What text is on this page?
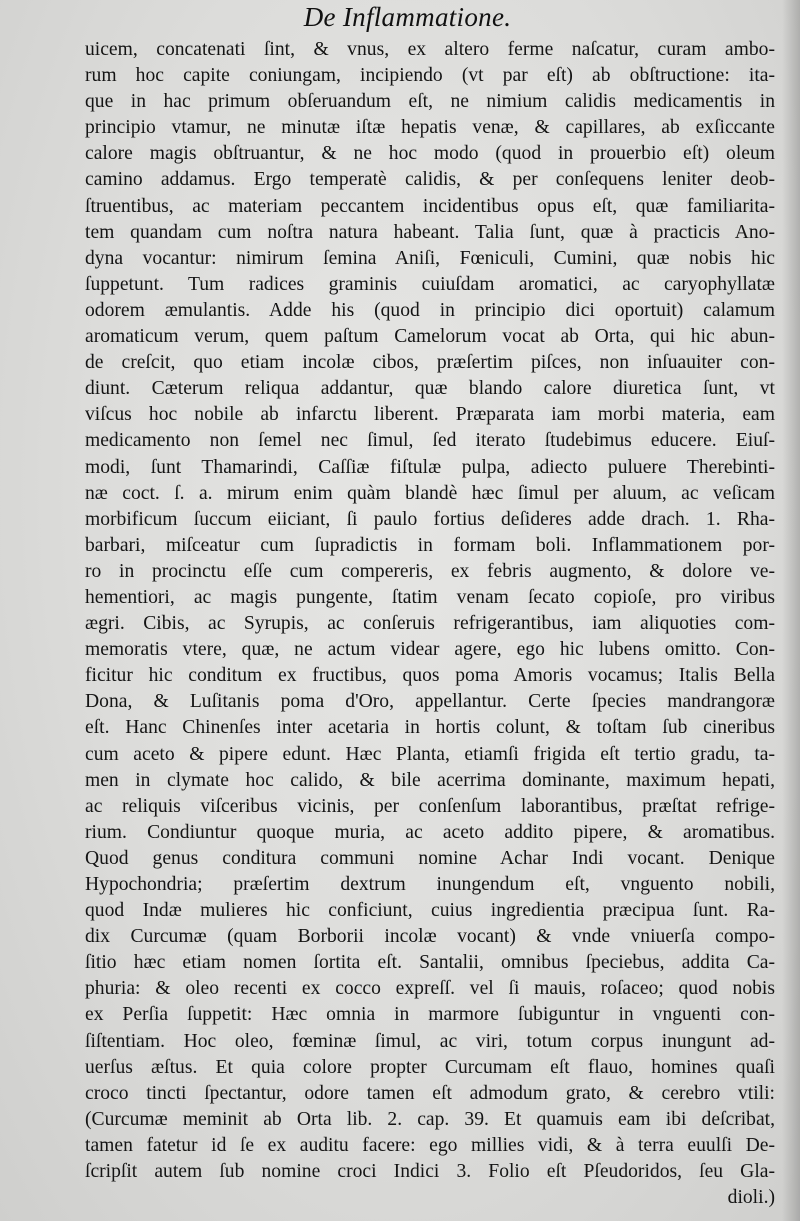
De Inflammatione.
uicem, concatenati ſint, & vnus, ex altero ferme naſcatur, curam ambo-
rum hoc capite coniungam, incipiendo (vt par eſt) ab obſtructione: ita-
que in hac primum obſeruandum eſt, ne nimium calidis medicamentis in
principio vtamur, ne minutæ iſtæ hepatis venæ, & capillares, ab exſiccante
calore magis obſtruantur, & ne hoc modo (quod in prouerbio eſt) oleum
camino addamus. Ergo temperatè calidis, & per conſequens leniter deob-
ſtruentibus, ac materiam peccantem incidentibus opus eſt, quæ familiarita-
tem quandam cum noſtra natura habeant. Talia ſunt, quæ à practicis Ano-
dyna vocantur: nimirum ſemina Aniſi, Fœniculi, Cumini, quæ nobis hic
ſuppetunt. Tum radices graminis cuiuſdam aromatici, ac caryophyllatæ
odorem æmulantis. Adde his (quod in principio dici oportuit) calamum
aromaticum verum, quem paſtum Camelorum vocat ab Orta, qui hic abun-
de creſcit, quo etiam incolæ cibos, præſertim piſces, non inſuauiter con-
diunt. Cæterum reliqua addantur, quæ blando calore diuretica ſunt, vt
viſcus hoc nobile ab infarctu liberent. Præparata iam morbi materia, eam
medicamento non ſemel nec ſimul, ſed iterato ſtudebimus educere. Eiuſ-
modi, ſunt Thamarindi, Caſſiæ fiſtulæ pulpa, adiecto puluere Therebinti-
næ coct. ſ. a. mirum enim quàm blandè hæc ſimul per aluum, ac veſicam
morbificum ſuccum eiiciant, ſi paulo fortius deſideres adde drach. 1. Rha-
barbari, miſceatur cum ſupradictis in formam boli. Inflammationem por-
ro in procinctu eſſe cum compereris, ex febris augmento, & dolore ve-
hementiori, ac magis pungente, ſtatim venam ſecato copioſe, pro viribus
ægri. Cibis, ac Syrupis, ac conſeruis refrigerantibus, iam aliquoties com-
memoratis vtere, quæ, ne actum videar agere, ego hic lubens omitto. Con-
ficitur hic conditum ex fructibus, quos poma Amoris vocamus; Italis Bella
Dona, & Luſitanis poma d'Oro, appellantur. Certe ſpecies mandrangoræ
eſt. Hanc Chinenſes inter acetaria in hortis colunt, & toſtam ſub cineribus
cum aceto & pipere edunt. Hæc Planta, etiamſi frigida eſt tertio gradu, ta-
men in clymate hoc calido, & bile acerrima dominante, maximum hepati,
ac reliquis viſceribus vicinis, per conſenſum laborantibus, præſtat refrige-
rium. Condiuntur quoque muria, ac aceto addito pipere, & aromatibus.
Quod genus conditura communi nomine Achar Indi vocant. Denique
Hypochondria; præſertim dextrum inungendum eſt, vnguento nobili,
quod Indæ mulieres hic conficiunt, cuius ingredientia præcipua ſunt. Ra-
dix Curcumæ (quam Borborii incolæ vocant) & vnde vniuerſa compo-
ſitio hæc etiam nomen ſortita eſt. Santalii, omnibus ſpeciebus, addita Ca-
phuria: & oleo recenti ex cocco expreſſ. vel ſi mauis, roſaceo; quod nobis
ex Perſia ſuppetit: Hæc omnia in marmore ſubiguntur in vnguenti con-
ſiſtentiam. Hoc oleo, fœminæ ſimul, ac viri, totum corpus inungunt ad-
uerſus æſtus. Et quia colore propter Curcumam eſt flauo, homines quaſi
croco tincti ſpectantur, odore tamen eſt admodum grato, & cerebro vtili:
(Curcumæ meminit ab Orta lib. 2. cap. 39. Et quamuis eam ibi deſcribat,
tamen fatetur id ſe ex auditu facere: ego millies vidi, & à terra euulſi De-
ſcripſit autem ſub nomine croci Indici 3. Folio eſt Pſeudoridos, ſeu Gla-
dioli.)
